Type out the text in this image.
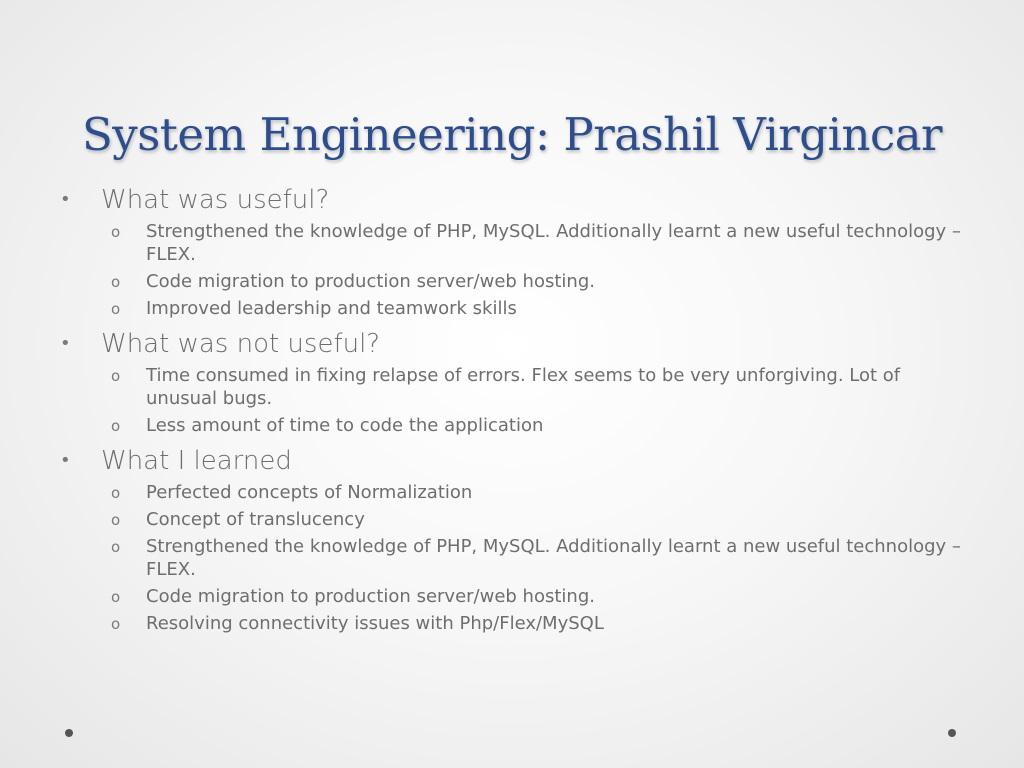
System Engineering: Prashil Virgincar
• What was useful?
o Strengthened the knowledge of PHP, MySQL. Additionally learnt a new useful technology – FLEX.
o Code migration to production server/web hosting.
o Improved leadership and teamwork skills
• What was not useful?
o Time consumed in fixing relapse of errors. Flex seems to be very unforgiving. Lot of unusual bugs.
o Less amount of time to code the application
• What I learned
o Perfected concepts of Normalization
o Concept of translucency
o Strengthened the knowledge of PHP, MySQL. Additionally learnt a new useful technology – FLEX.
o Code migration to production server/web hosting.
o Resolving connectivity issues with Php/Flex/MySQL
